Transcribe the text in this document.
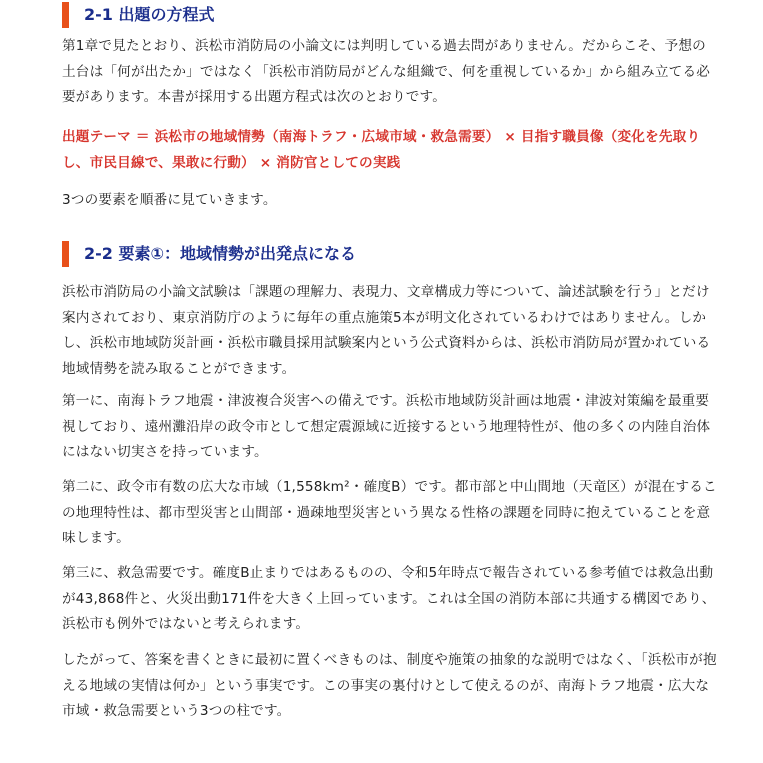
2-1 出題の方程式

第1章で見たとおり、浜松市消防局の小論文には判明している過去問がありません。だからこそ、予想の土台は「何が出たか」ではなく「浜松市消防局がどんな組織で、何を重視しているか」から組み立てる必要があります。本書が採用する出題方程式は次のとおりです。

出題テーマ ＝ 浜松市の地域情勢（南海トラフ・広域市域・救急需要） × 目指す職員像（変化を先取りし、市民目線で、果敢に行動） × 消防官としての実践

3つの要素を順番に見ていきます。

2-2 要素①：地域情勢が出発点になる

浜松市消防局の小論文試験は「課題の理解力、表現力、文章構成力等について、論述試験を行う」とだけ案内されており、東京消防庁のように毎年の重点施策5本が明文化されているわけではありません。しかし、浜松市地域防災計画・浜松市職員採用試験案内という公式資料からは、浜松市消防局が置かれている地域情勢を読み取ることができます。

第一に、南海トラフ地震・津波複合災害への備えです。浜松市地域防災計画は地震・津波対策編を最重要視しており、遠州灘沿岸の政令市として想定震源域に近接するという地理特性が、他の多くの内陸自治体にはない切実さを持っています。

第二に、政令市有数の広大な市域（1,558km²・確度B）です。都市部と中山間地（天竜区）が混在するこの地理特性は、都市型災害と山間部・過疎地型災害という異なる性格の課題を同時に抱えていることを意味します。

第三に、救急需要です。確度B止まりではあるものの、令和5年時点で報告されている参考値では救急出動が43,868件と、火災出動171件を大きく上回っています。これは全国の消防本部に共通する構図であり、浜松市も例外ではないと考えられます。

したがって、答案を書くときに最初に置くべきものは、制度や施策の抽象的な説明ではなく、「浜松市が抱える地域の実情は何か」という事実です。この事実の裏付けとして使えるのが、南海トラフ地震・広大な市域・救急需要という3つの柱です。
